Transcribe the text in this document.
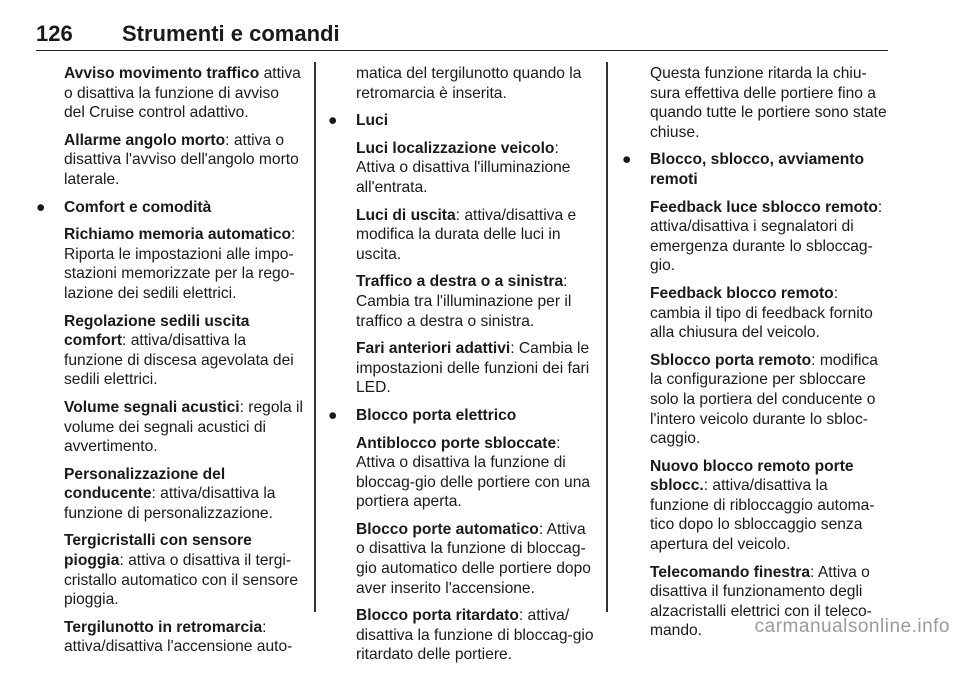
126 Strumenti e comandi

Avviso movimento traffico attiva o disattiva la funzione di avviso del Cruise control adattivo.

Allarme angolo morto: attiva o disattiva l'avviso dell'angolo morto laterale.

● Comfort e comodità

Richiamo memoria automatico: Riporta le impostazioni alle impo-stazioni memorizzate per la rego-lazione dei sedili elettrici.

Regolazione sedili uscita comfort: attiva/disattiva la funzione di discesa agevolata dei sedili elettrici.

Volume segnali acustici: regola il volume dei segnali acustici di avvertimento.

Personalizzazione del conducente: attiva/disattiva la funzione di personalizzazione.

Tergicristalli con sensore pioggia: attiva o disattiva il tergi-cristallo automatico con il sensore pioggia.

Tergilunotto in retromarcia: attiva/disattiva l'accensione auto-

matica del tergilunotto quando la retromarcia è inserita.

● Luci

Luci localizzazione veicolo: Attiva o disattiva l'illuminazione all'entrata.

Luci di uscita: attiva/disattiva e modifica la durata delle luci in uscita.

Traffico a destra o a sinistra: Cambia tra l'illuminazione per il traffico a destra o sinistra.

Fari anteriori adattivi: Cambia le impostazioni delle funzioni dei fari LED.

● Blocco porta elettrico

Antiblocco porte sbloccate: Attiva o disattiva la funzione di bloccag-gio delle portiere con una portiera aperta.

Blocco porte automatico: Attiva o disattiva la funzione di bloccag-gio automatico delle portiere dopo aver inserito l'accensione.

Blocco porta ritardato: attiva/ disattiva la funzione di bloccag-gio ritardato delle portiere.

Questa funzione ritarda la chiu-sura effettiva delle portiere fino a quando tutte le portiere sono state chiuse.

● Blocco, sblocco, avviamento remoti

Feedback luce sblocco remoto: attiva/disattiva i segnalatori di emergenza durante lo sbloccag-gio.

Feedback blocco remoto: cambia il tipo di feedback fornito alla chiusura del veicolo.

Sblocco porta remoto: modifica la configurazione per sbloccare solo la portiera del conducente o l'intero veicolo durante lo sbloc-caggio.

Nuovo blocco remoto porte sblocc.: attiva/disattiva la funzione di ribloccaggio automa-tico dopo lo sbloccaggio senza apertura del veicolo.

Telecomando finestra: Attiva o disattiva il funzionamento degli alzacristalli elettrici con il teleco-mando.	carmanualsonline.info
